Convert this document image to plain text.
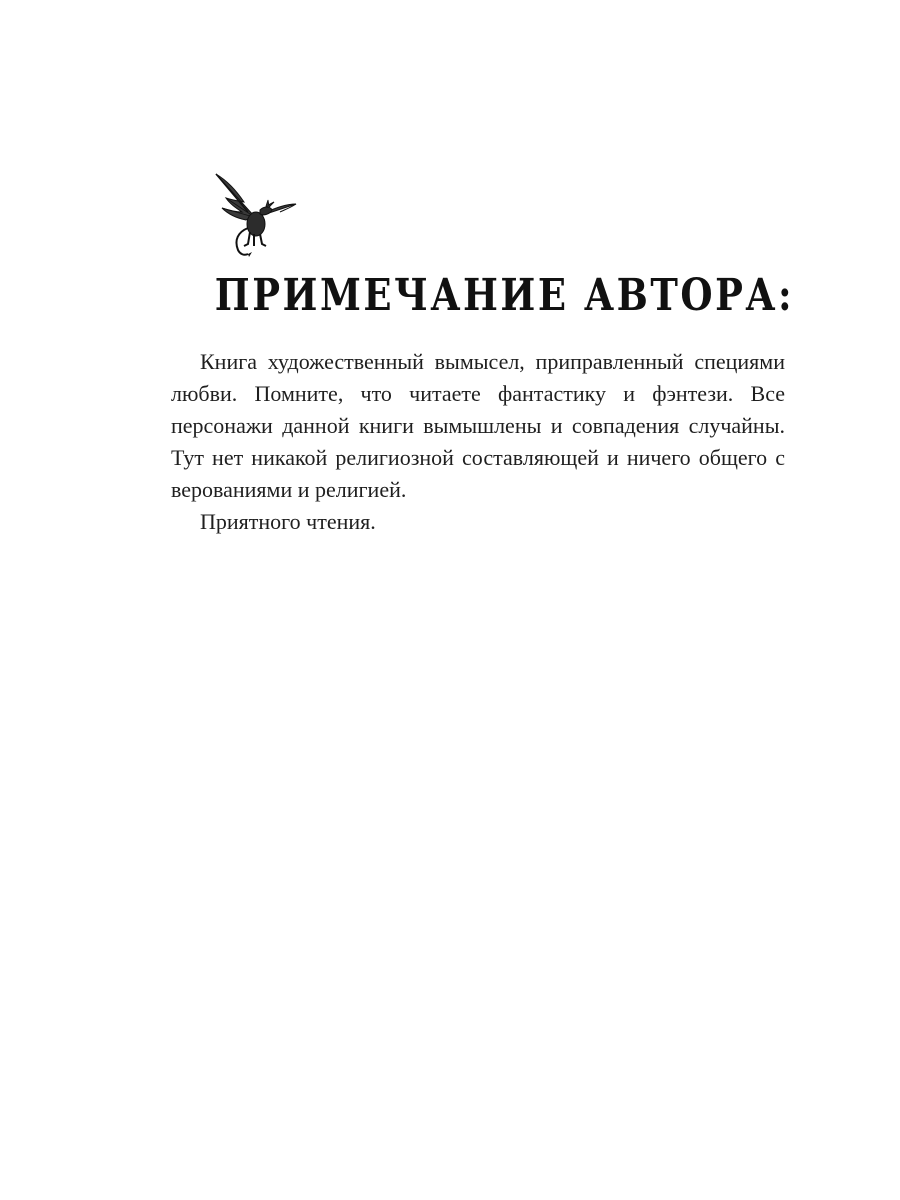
ПРИМЕЧАНИЕ АВТОРА:

Книга художественный вымысел, приправленный специями любви. Помните, что читаете фантастику и фэнтези. Все персонажи данной книги вымышлены и совпадения случайны. Тут нет никакой религиозной составляющей и ничего общего с верованиями и религией.

Приятного чтения.
